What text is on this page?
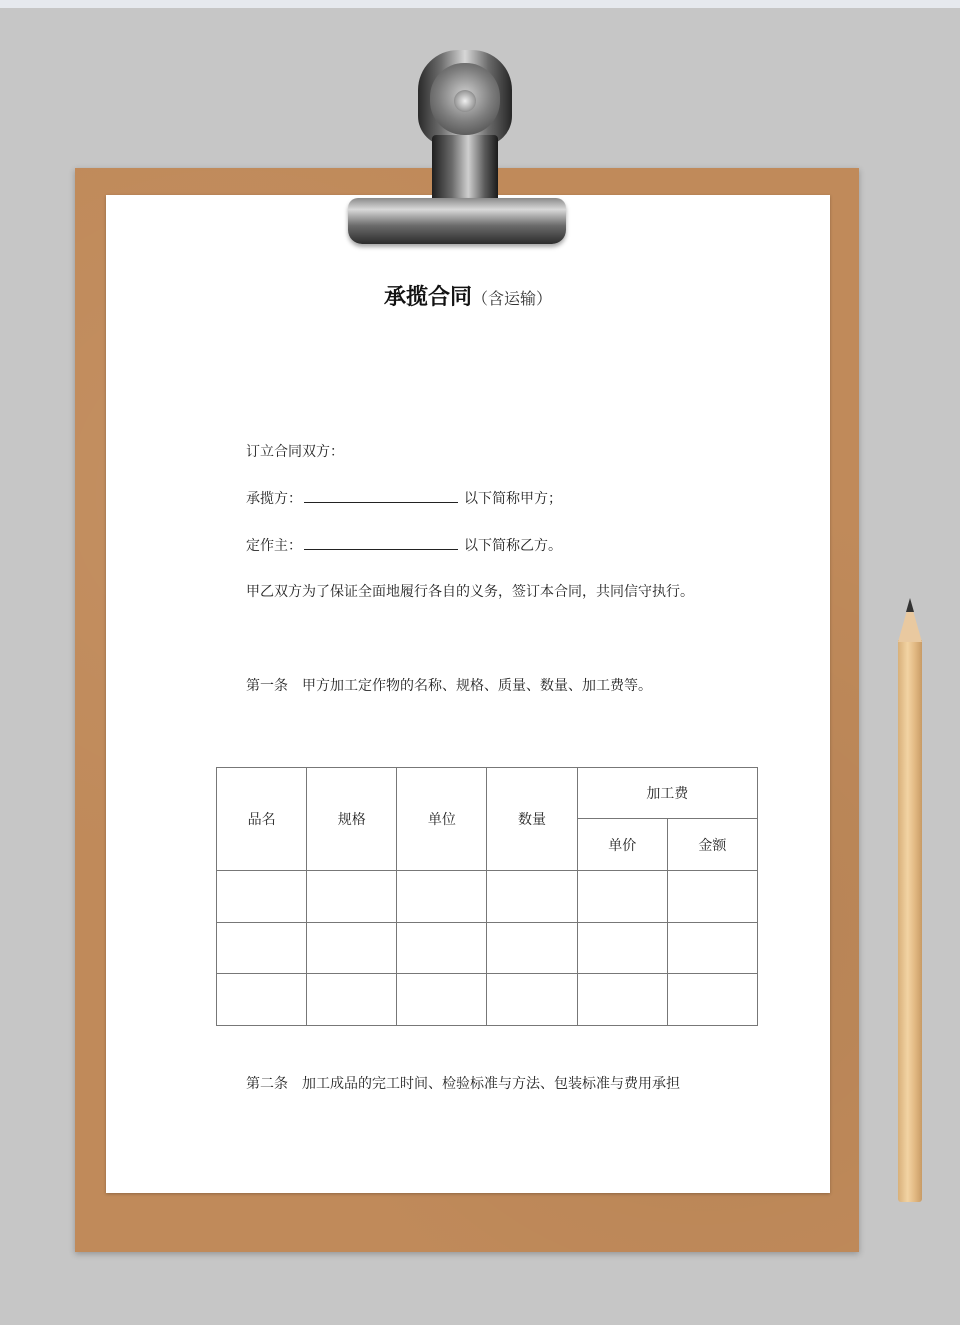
承揽合同（含运输）
订立合同双方：
承揽方：	以下简称甲方；
定作主：	以下简称乙方。
甲乙双方为了保证全面地履行各自的义务，签订本合同，共同信守执行。
第一条　甲方加工定作物的名称、规格、质量、数量、加工费等。
品名	规格	单位	数量	加工费	
				单价	金额

第二条　加工成品的完工时间、检验标准与方法、包装标准与费用承担
